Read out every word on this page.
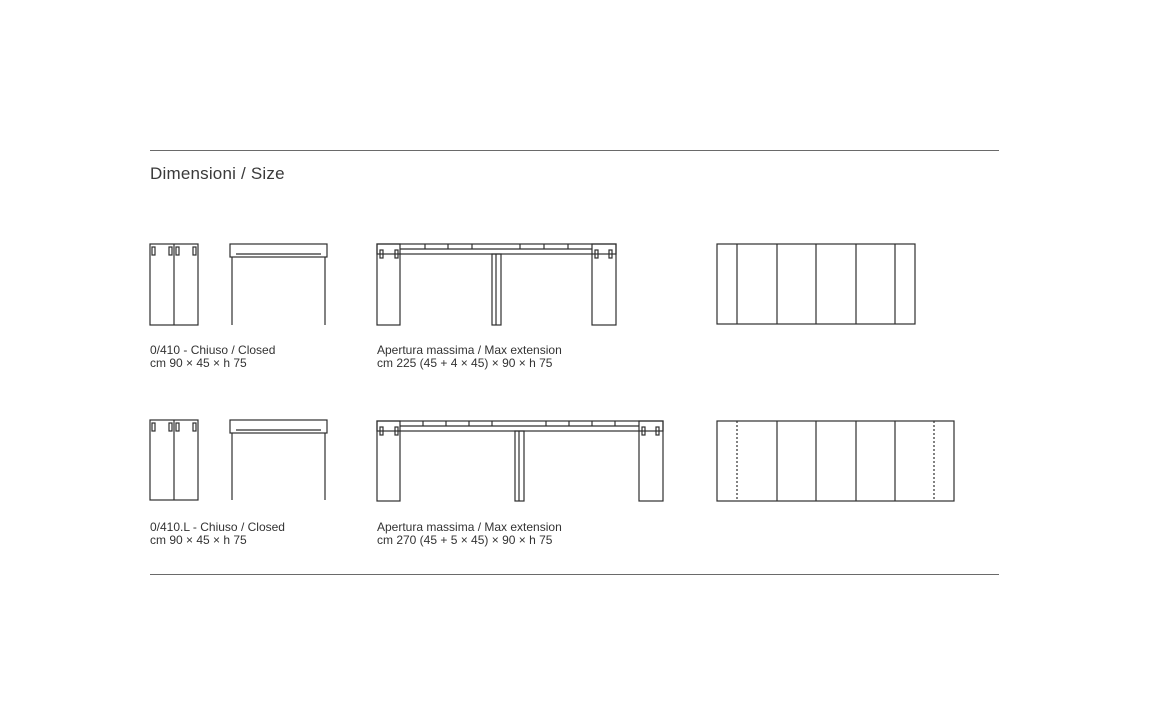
Dimensioni / Size
0/410 - Chiuso / Closed
cm 90 × 45 × h 75
Apertura massima / Max extension
cm 225 (45 + 4 × 45) × 90 × h 75
0/410.L - Chiuso / Closed
cm 90 × 45 × h 75
Apertura massima / Max extension
cm 270 (45 + 5 × 45) × 90 × h 75
